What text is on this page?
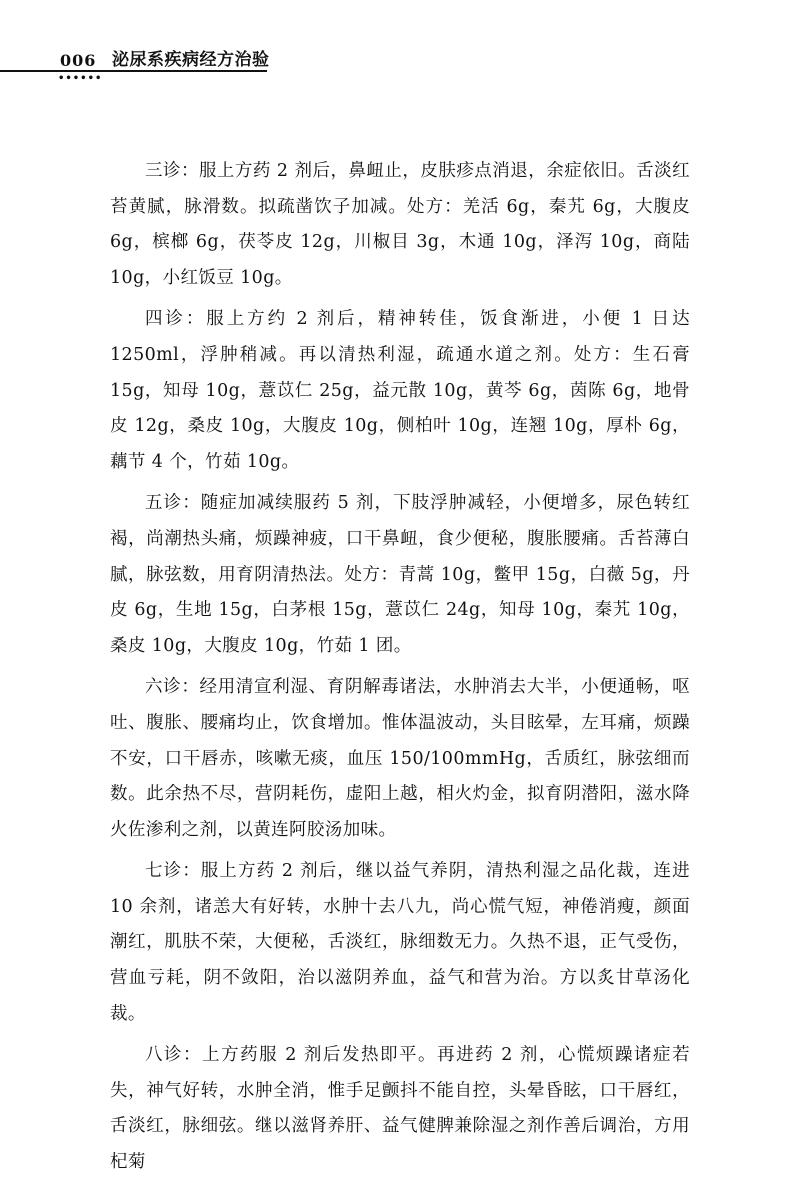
006
••••••
泌尿系疾病经方治验

三诊：服上方药 2 剂后，鼻衄止，皮肤疹点消退，余症依旧。舌淡红苔黄腻，脉滑数。拟疏凿饮子加减。处方：羌活 6g，秦艽 6g，大腹皮 6g，槟榔 6g，茯苓皮 12g，川椒目 3g，木通 10g，泽泻 10g，商陆 10g，小红饭豆 10g。

四诊：服上方约 2 剂后，精神转佳，饭食渐进，小便 1 日达 1250ml，浮肿稍减。再以清热利湿，疏通水道之剂。处方：生石膏 15g，知母 10g，薏苡仁 25g，益元散 10g，黄芩 6g，茵陈 6g，地骨皮 12g，桑皮 10g，大腹皮 10g，侧柏叶 10g，连翘 10g，厚朴 6g，藕节 4 个，竹茹 10g。

五诊：随症加减续服药 5 剂，下肢浮肿减轻，小便增多，尿色转红褐，尚潮热头痛，烦躁神疲，口干鼻衄，食少便秘，腹胀腰痛。舌苔薄白腻，脉弦数，用育阴清热法。处方：青蒿 10g，鳖甲 15g，白薇 5g，丹皮 6g，生地 15g，白茅根 15g，薏苡仁 24g，知母 10g，秦艽 10g，桑皮 10g，大腹皮 10g，竹茹 1 团。

六诊：经用清宣利湿、育阴解毒诸法，水肿消去大半，小便通畅，呕吐、腹胀、腰痛均止，饮食增加。惟体温波动，头目眩晕，左耳痛，烦躁不安，口干唇赤，咳嗽无痰，血压 150/100mmHg，舌质红，脉弦细而数。此余热不尽，营阴耗伤，虚阳上越，相火灼金，拟育阴潜阳，滋水降火佐渗利之剂，以黄连阿胶汤加味。

七诊：服上方药 2 剂后，继以益气养阴，清热利湿之品化裁，连进 10 余剂，诸恙大有好转，水肿十去八九，尚心慌气短，神倦消瘦，颜面潮红，肌肤不荣，大便秘，舌淡红，脉细数无力。久热不退，正气受伤，营血亏耗，阴不敛阳，治以滋阴养血，益气和营为治。方以炙甘草汤化裁。

八诊：上方药服 2 剂后发热即平。再进药 2 剂，心慌烦躁诸症若失，神气好转，水肿全消，惟手足颤抖不能自控，头晕昏眩，口干唇红，舌淡红，脉细弦。继以滋肾养肝、益气健脾兼除湿之剂作善后调治，方用杞菊
